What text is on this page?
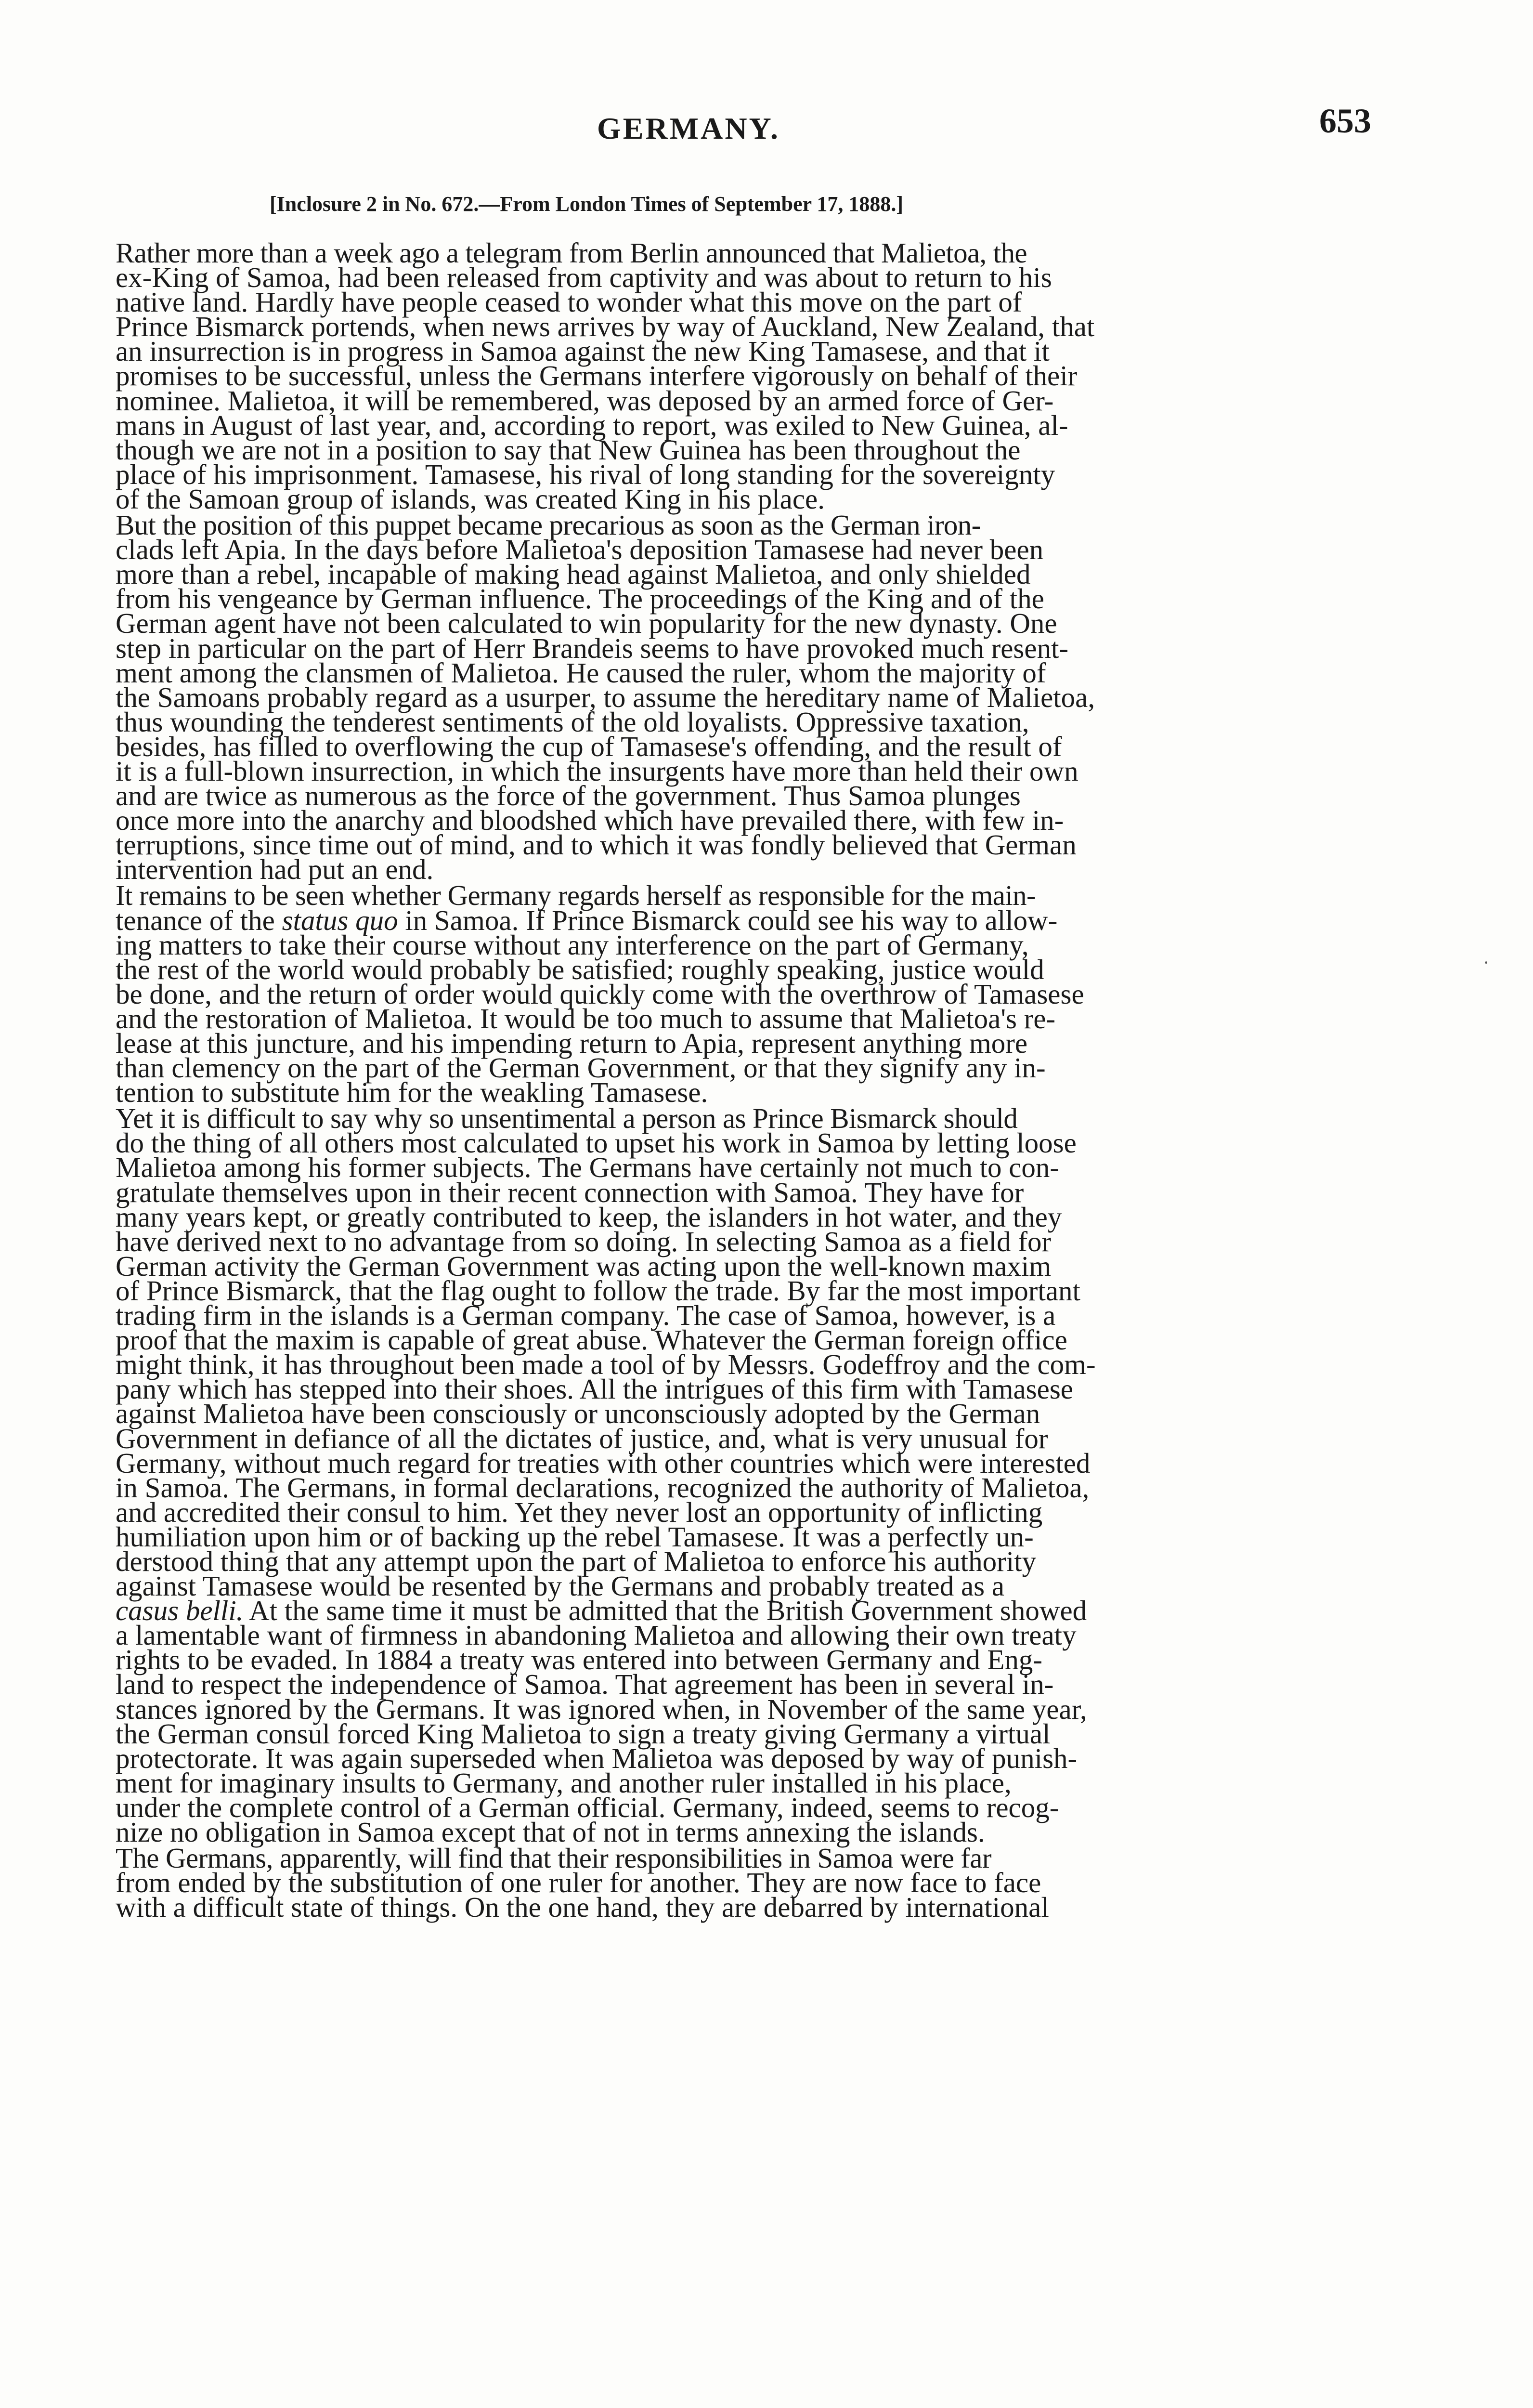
GERMANY.	653
[Inclosure 2 in No. 672.—From London Times of September 17, 1888.]

Rather more than a week ago a telegram from Berlin announced that Malietoa, the
ex-King of Samoa, had been released from captivity and was about to return to his
native land. Hardly have people ceased to wonder what this move on the part of
Prince Bismarck portends, when news arrives by way of Auckland, New Zealand, that
an insurrection is in progress in Samoa against the new King Tamasese, and that it
promises to be successful, unless the Germans interfere vigorously on behalf of their
nominee. Malietoa, it will be remembered, was deposed by an armed force of Ger-
mans in August of last year, and, according to report, was exiled to New Guinea, al-
though we are not in a position to say that New Guinea has been throughout the
place of his imprisonment. Tamasese, his rival of long standing for the sovereignty
of the Samoan group of islands, was created King in his place.

But the position of this puppet became precarious as soon as the German iron-
clads left Apia. In the days before Malietoa's deposition Tamasese had never been
more than a rebel, incapable of making head against Malietoa, and only shielded
from his vengeance by German influence. The proceedings of the King and of the
German agent have not been calculated to win popularity for the new dynasty. One
step in particular on the part of Herr Brandeis seems to have provoked much resent-
ment among the clansmen of Malietoa. He caused the ruler, whom the majority of
the Samoans probably regard as a usurper, to assume the hereditary name of Malietoa,
thus wounding the tenderest sentiments of the old loyalists. Oppressive taxation,
besides, has filled to overflowing the cup of Tamasese's offending, and the result of
it is a full-blown insurrection, in which the insurgents have more than held their own
and are twice as numerous as the force of the government. Thus Samoa plunges
once more into the anarchy and bloodshed which have prevailed there, with few in-
terruptions, since time out of mind, and to which it was fondly believed that German
intervention had put an end.

It remains to be seen whether Germany regards herself as responsible for the main-
tenance of the status quo in Samoa. If Prince Bismarck could see his way to allow-
ing matters to take their course without any interference on the part of Germany,
the rest of the world would probably be satisfied; roughly speaking, justice would
be done, and the return of order would quickly come with the overthrow of Tamasese
and the restoration of Malietoa. It would be too much to assume that Malietoa's re-
lease at this juncture, and his impending return to Apia, represent anything more
than clemency on the part of the German Government, or that they signify any in-
tention to substitute him for the weakling Tamasese.

Yet it is difficult to say why so unsentimental a person as Prince Bismarck should
do the thing of all others most calculated to upset his work in Samoa by letting loose
Malietoa among his former subjects. The Germans have certainly not much to con-
gratulate themselves upon in their recent connection with Samoa. They have for
many years kept, or greatly contributed to keep, the islanders in hot water, and they
have derived next to no advantage from so doing. In selecting Samoa as a field for
German activity the German Government was acting upon the well-known maxim
of Prince Bismarck, that the flag ought to follow the trade. By far the most important
trading firm in the islands is a German company. The case of Samoa, however, is a
proof that the maxim is capable of great abuse. Whatever the German foreign office
might think, it has throughout been made a tool of by Messrs. Godeffroy and the com-
pany which has stepped into their shoes. All the intrigues of this firm with Tamasese
against Malietoa have been consciously or unconsciously adopted by the German
Government in defiance of all the dictates of justice, and, what is very unusual for
Germany, without much regard for treaties with other countries which were interested
in Samoa. The Germans, in formal declarations, recognized the authority of Malietoa,
and accredited their consul to him. Yet they never lost an opportunity of inflicting
humiliation upon him or of backing up the rebel Tamasese. It was a perfectly un-
derstood thing that any attempt upon the part of Malietoa to enforce his authority
against Tamasese would be resented by the Germans and probably treated as a
casus belli. At the same time it must be admitted that the British Government showed
a lamentable want of firmness in abandoning Malietoa and allowing their own treaty
rights to be evaded. In 1884 a treaty was entered into between Germany and Eng-
land to respect the independence of Samoa. That agreement has been in several in-
stances ignored by the Germans. It was ignored when, in November of the same year,
the German consul forced King Malietoa to sign a treaty giving Germany a virtual
protectorate. It was again superseded when Malietoa was deposed by way of punish-
ment for imaginary insults to Germany, and another ruler installed in his place,
under the complete control of a German official. Germany, indeed, seems to recog-
nize no obligation in Samoa except that of not in terms annexing the islands.

The Germans, apparently, will find that their responsibilities in Samoa were far
from ended by the substitution of one ruler for another. They are now face to face
with a difficult state of things. On the one hand, they are debarred by international

·
